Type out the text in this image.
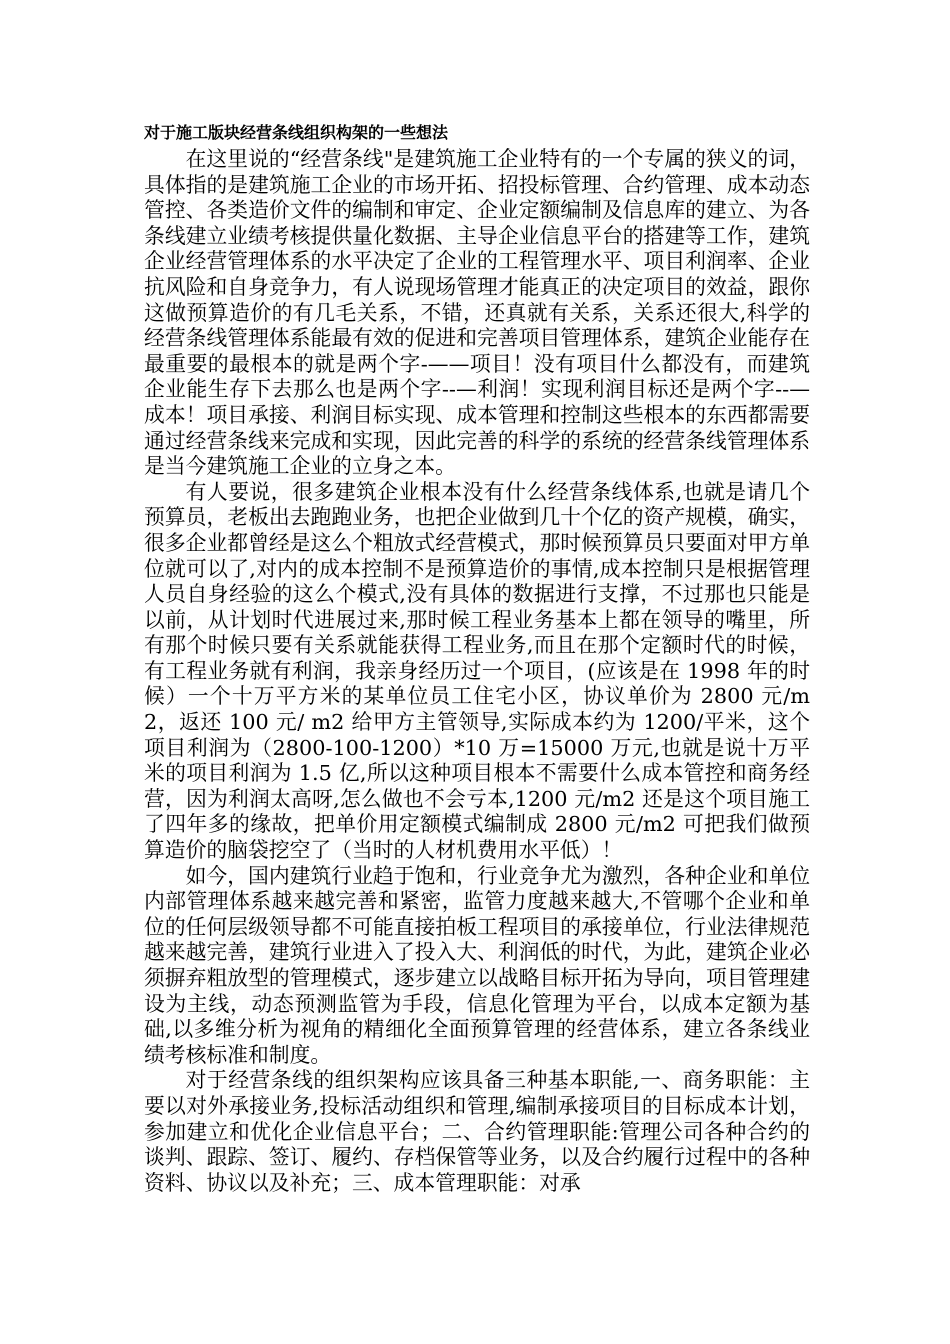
对于施工版块经营条线组织构架的一些想法

在这里说的“经营条线"是建筑施工企业特有的一个专属的狭义的词，具体指的是建筑施工企业的市场开拓、招投标管理、合约管理、成本动态管控、各类造价文件的编制和审定、企业定额编制及信息库的建立、为各条线建立业绩考核提供量化数据、主导企业信息平台的搭建等工作，建筑企业经营管理体系的水平决定了企业的工程管理水平、项目利润率、企业抗风险和自身竞争力，有人说现场管理才能真正的决定项目的效益，跟你这做预算造价的有几毛关系，不错，还真就有关系，关系还很大,科学的经营条线管理体系能最有效的促进和完善项目管理体系，建筑企业能存在最重要的最根本的就是两个字-——项目！没有项目什么都没有，而建筑企业能生存下去那么也是两个字--—利润！实现利润目标还是两个字--—成本！项目承接、利润目标实现、成本管理和控制这些根本的东西都需要通过经营条线来完成和实现，因此完善的科学的系统的经营条线管理体系是当今建筑施工企业的立身之本。

有人要说，很多建筑企业根本没有什么经营条线体系,也就是请几个预算员，老板出去跑跑业务，也把企业做到几十个亿的资产规模，确实，很多企业都曾经是这么个粗放式经营模式，那时候预算员只要面对甲方单位就可以了,对内的成本控制不是预算造价的事情,成本控制只是根据管理人员自身经验的这么个模式,没有具体的数据进行支撑，不过那也只能是以前，从计划时代进展过来,那时候工程业务基本上都在领导的嘴里，所有那个时候只要有关系就能获得工程业务,而且在那个定额时代的时候，有工程业务就有利润，我亲身经历过一个项目，(应该是在 1998 年的时候）一个十万平方米的某单位员工住宅小区，协议单价为 2800 元/m2，返还 100 元/ m2 给甲方主管领导,实际成本约为 1200/平米，这个项目利润为（2800-100-1200）*10 万=15000 万元,也就是说十万平米的项目利润为 1.5 亿,所以这种项目根本不需要什么成本管控和商务经营，因为利润太高呀,怎么做也不会亏本,1200 元/m2 还是这个项目施工了四年多的缘故，把单价用定额模式编制成 2800 元/m2 可把我们做预算造价的脑袋挖空了（当时的人材机费用水平低）！

如今，国内建筑行业趋于饱和，行业竞争尤为激烈，各种企业和单位内部管理体系越来越完善和紧密，监管力度越来越大,不管哪个企业和单位的任何层级领导都不可能直接拍板工程项目的承接单位，行业法律规范越来越完善，建筑行业进入了投入大、利润低的时代，为此，建筑企业必须摒弃粗放型的管理模式，逐步建立以战略目标开拓为导向，项目管理建设为主线，动态预测监管为手段，信息化管理为平台，以成本定额为基础,以多维分析为视角的精细化全面预算管理的经营体系，建立各条线业绩考核标准和制度。

对于经营条线的组织架构应该具备三种基本职能,一、商务职能：主要以对外承接业务,投标活动组织和管理,编制承接项目的目标成本计划，参加建立和优化企业信息平台；二、合约管理职能:管理公司各种合约的谈判、跟踪、签订、履约、存档保管等业务，以及合约履行过程中的各种资料、协议以及补充；三、成本管理职能：对承
